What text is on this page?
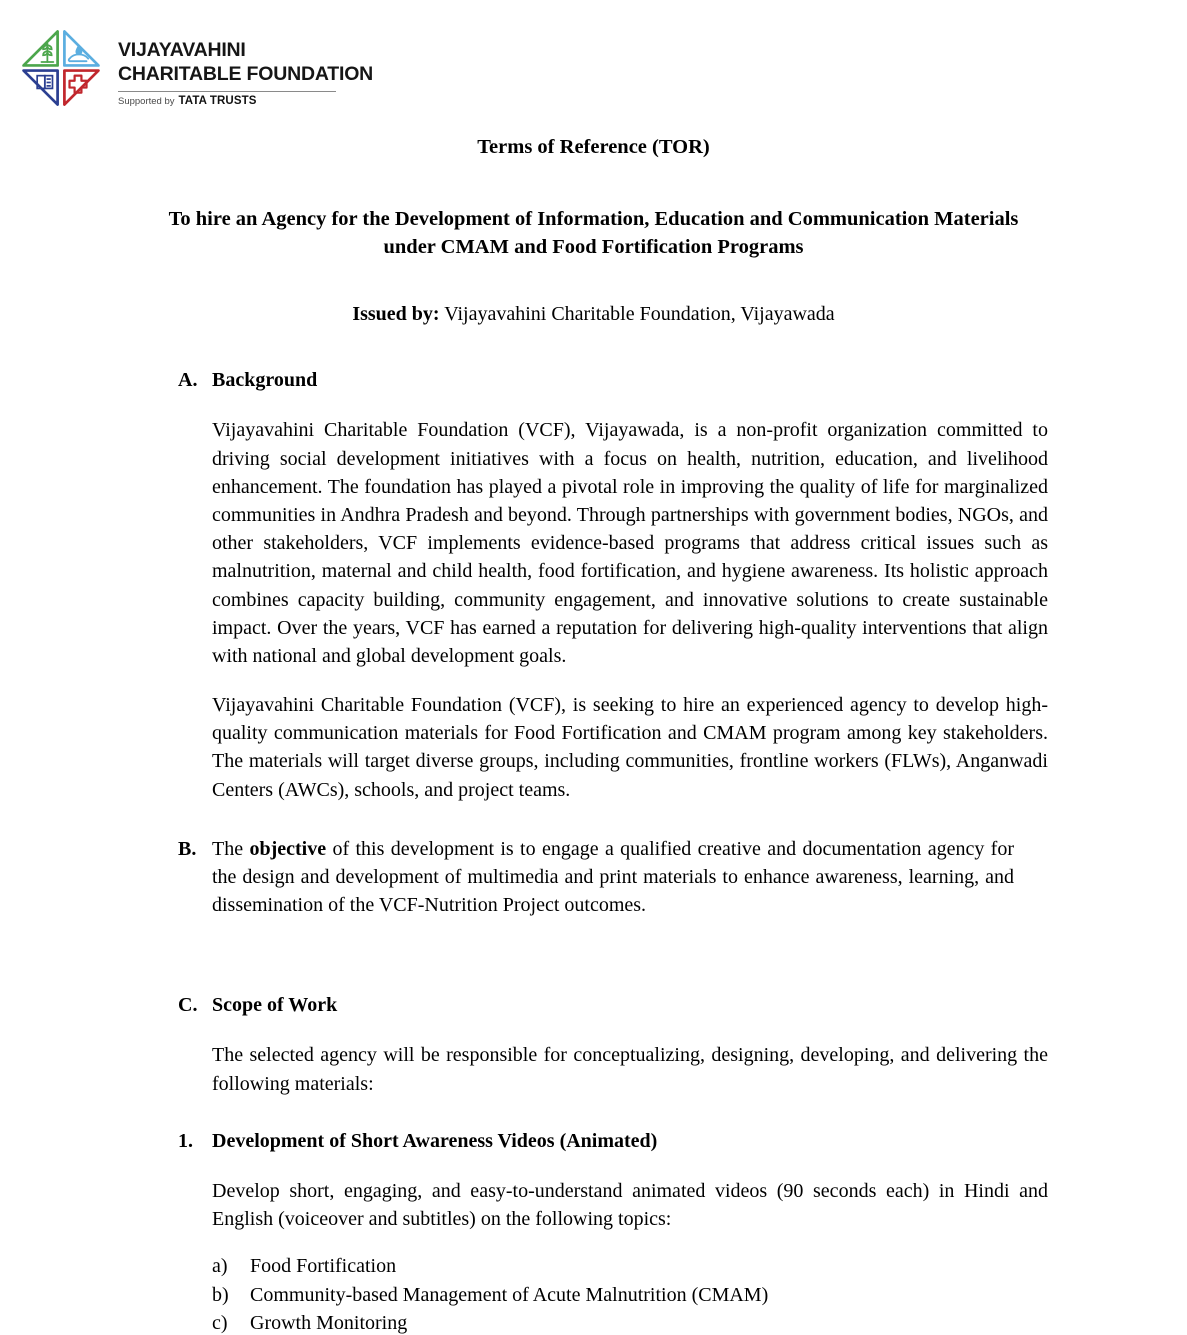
VIJAYAVAHINI
CHARITABLE FOUNDATION
Supported by TATA TRUSTS
Terms of Reference (TOR)
To hire an Agency for the Development of Information, Education and Communication Materials under CMAM and Food Fortification Programs

Issued by: Vijayavahini Charitable Foundation, Vijayawada

A. Background

Vijayavahini Charitable Foundation (VCF), Vijayawada, is a non-profit organization committed to driving social development initiatives with a focus on health, nutrition, education, and livelihood enhancement. The foundation has played a pivotal role in improving the quality of life for marginalized communities in Andhra Pradesh and beyond. Through partnerships with government bodies, NGOs, and other stakeholders, VCF implements evidence-based programs that address critical issues such as malnutrition, maternal and child health, food fortification, and hygiene awareness. Its holistic approach combines capacity building, community engagement, and innovative solutions to create sustainable impact. Over the years, VCF has earned a reputation for delivering high-quality interventions that align with national and global development goals.

Vijayavahini Charitable Foundation (VCF), is seeking to hire an experienced agency to develop high-quality communication materials for Food Fortification and CMAM program among key stakeholders. The materials will target diverse groups, including communities, frontline workers (FLWs), Anganwadi Centers (AWCs), schools, and project teams.

B. The objective of this development is to engage a qualified creative and documentation agency for the design and development of multimedia and print materials to enhance awareness, learning, and dissemination of the VCF-Nutrition Project outcomes.

C. Scope of Work

The selected agency will be responsible for conceptualizing, designing, developing, and delivering the following materials:

1. Development of Short Awareness Videos (Animated)

Develop short, engaging, and easy-to-understand animated videos (90 seconds each) in Hindi and English (voiceover and subtitles) on the following topics:

a) Food Fortification
b) Community-based Management of Acute Malnutrition (CMAM)
c) Growth Monitoring
